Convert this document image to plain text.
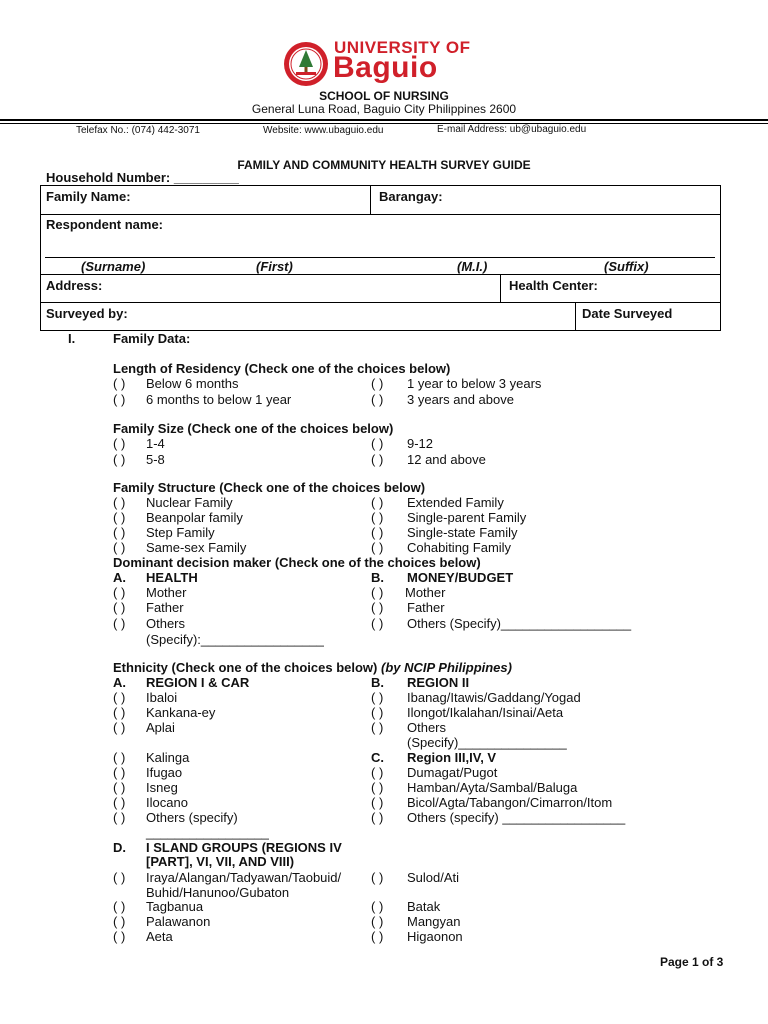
UNIVERSITY OF
Baguio
SCHOOL OF NURSING
General Luna Road, Baguio City Philippines 2600
Telefax No.: (074) 442-3071	Website: www.ubaguio.edu	E-mail Address: ub@ubaguio.edu
FAMILY AND COMMUNITY HEALTH SURVEY GUIDE
Household Number: _________
Family Name:	Barangay:
Respondent name:
(Surname)	(First)	(M.I.)	(Suffix)
Address:	Health Center:
Surveyed by:	Date Surveyed
I.	Family Data:
Length of Residency (Check one of the choices below)
( ) Below 6 months	( ) 1 year to below 3 years
( ) 6 months to below 1 year	( ) 3 years and above
Family Size (Check one of the choices below)
( ) 1-4	( ) 9-12
( ) 5-8	( ) 12 and above
Family Structure (Check one of the choices below)
( ) Nuclear Family	( ) Extended Family
( ) Beanpolar family	( ) Single-parent Family
( ) Step Family	( ) Single-state Family
( ) Same-sex Family	( ) Cohabiting Family
Dominant decision maker (Check one of the choices below)
A. HEALTH	B. MONEY/BUDGET
( ) Mother	( ) Mother
( ) Father	( ) Father
( ) Others	( ) Others (Specify)__________________
(Specify):_________________
Ethnicity (Check one of the choices below) (by NCIP Philippines)
A. REGION I & CAR	B. REGION II
( ) Ibaloi	( ) Ibanag/Itawis/Gaddang/Yogad
( ) Kankana-ey	( ) Ilongot/Ikalahan/Isinai/Aeta
( ) Aplai	( ) Others
(Specify)_______________
( ) Kalinga	C. Region III,IV, V
( ) Ifugao	( ) Dumagat/Pugot
( ) Isneg	( ) Hamban/Ayta/Sambal/Baluga
( ) Ilocano	( ) Bicol/Agta/Tabangon/Cimarron/Itom
( ) Others (specify)	( ) Others (specify) _________________
_________________
D. I SLAND GROUPS (REGIONS IV
[PART], VI, VII, AND VIII)
( ) Iraya/Alangan/Tadyawan/Taobuid/ ( ) Sulod/Ati
Buhid/Hanunoo/Gubaton
( ) Tagbanua	( ) Batak
( ) Palawanon	( ) Mangyan
( ) Aeta	( ) Higaonon
Page 1 of 3
